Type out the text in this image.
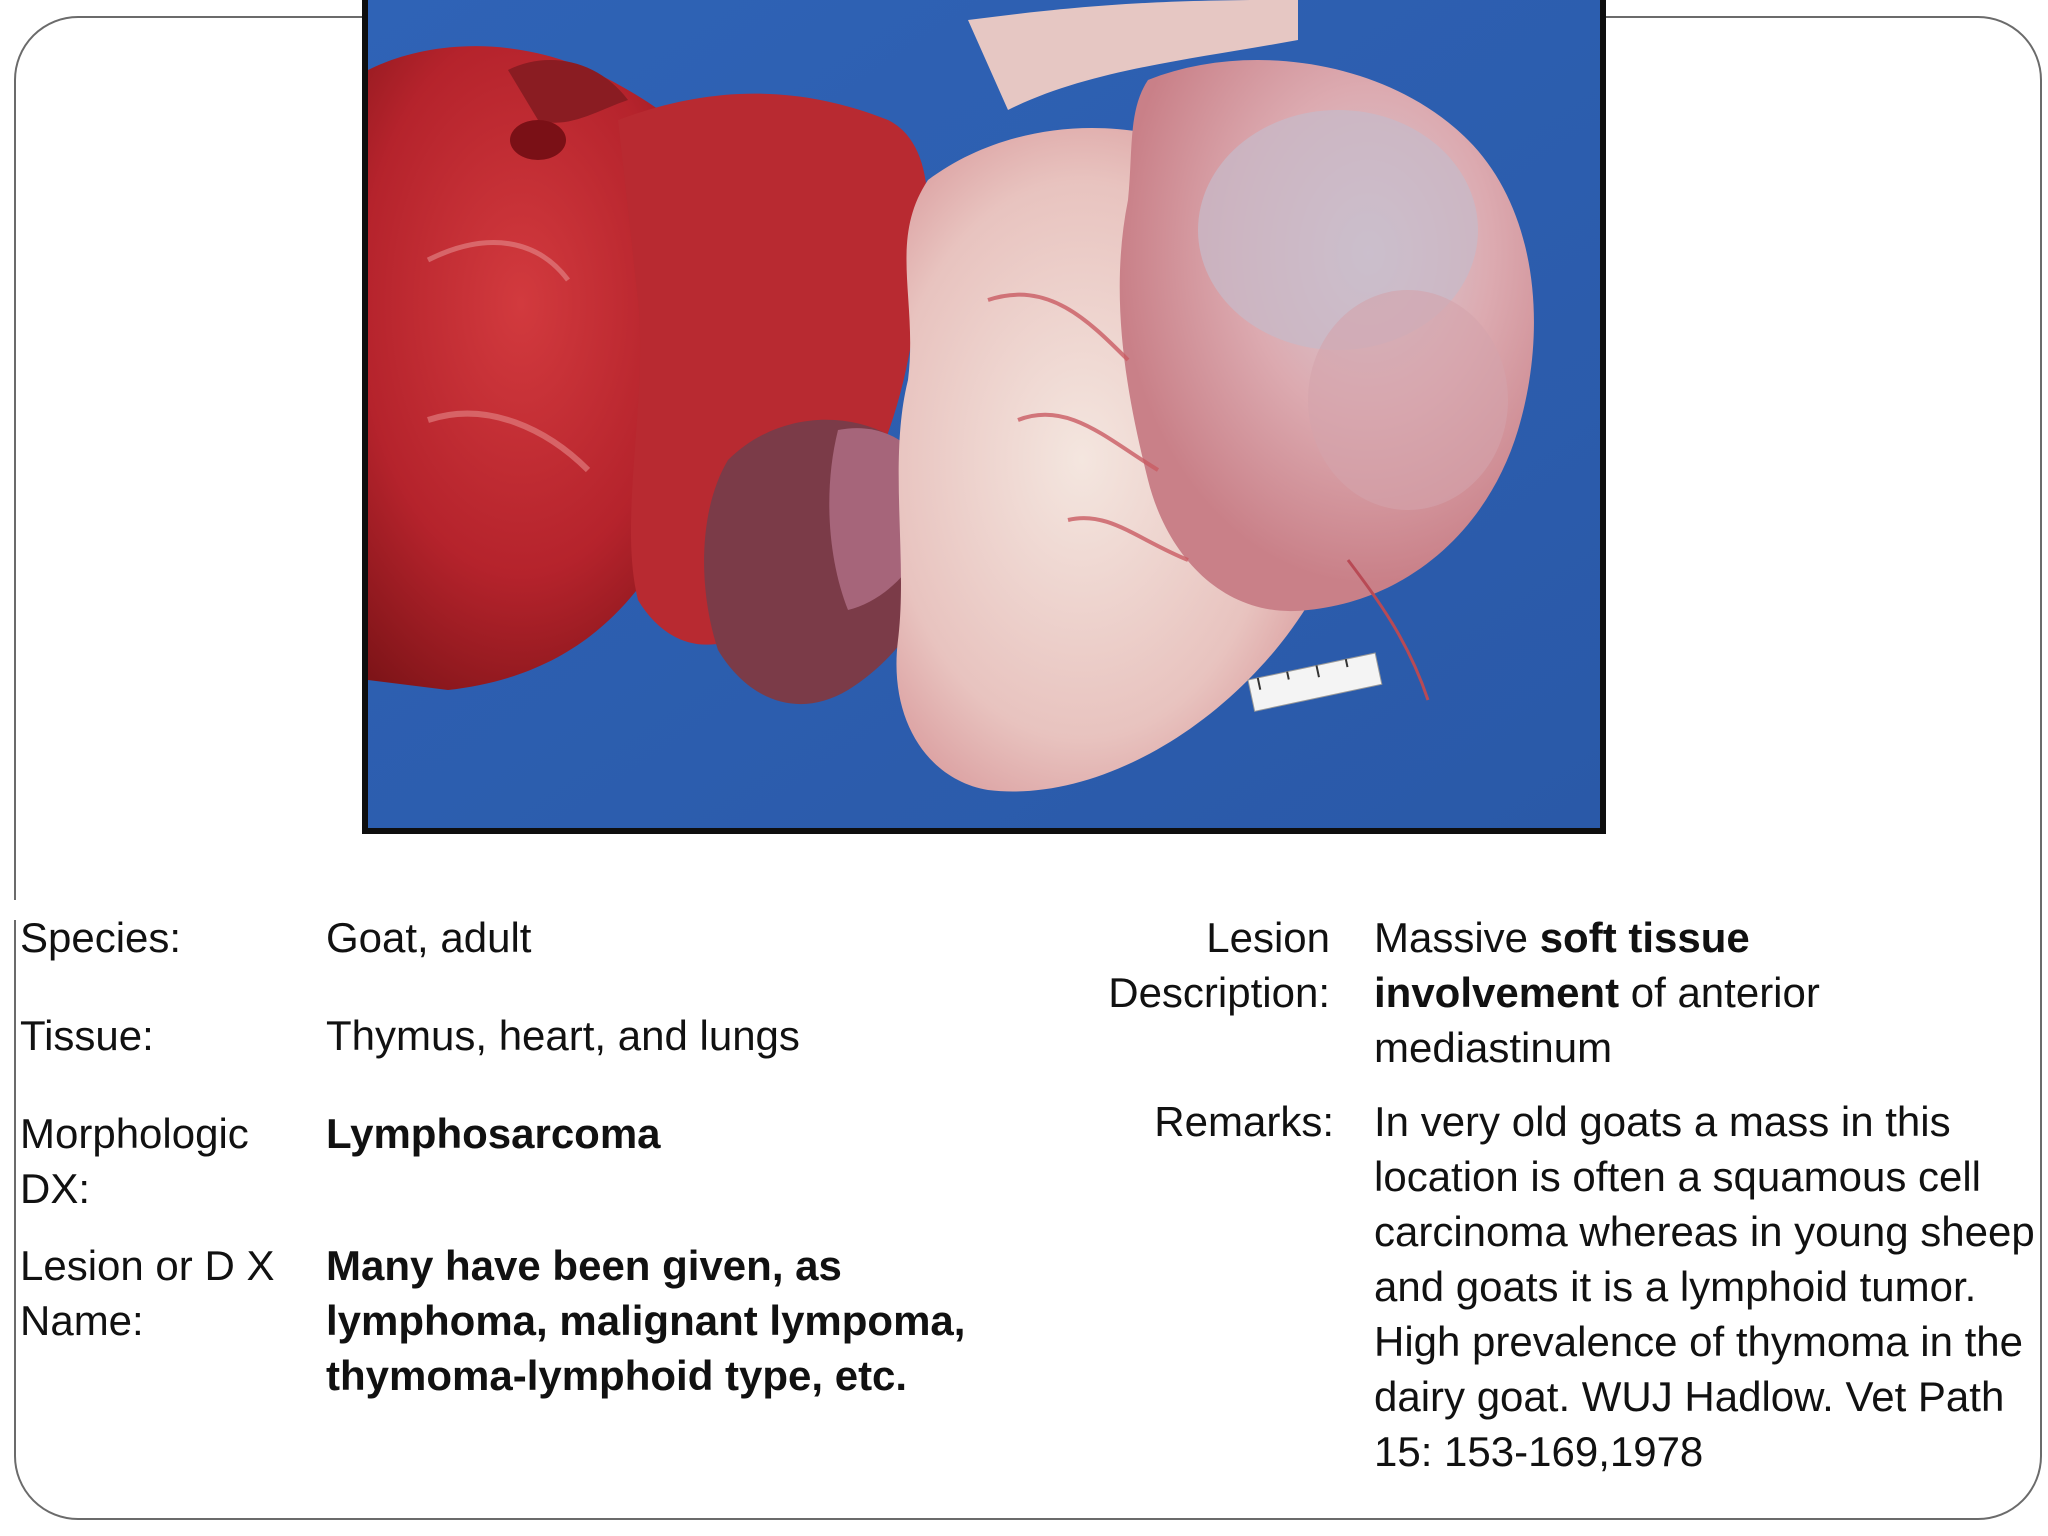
Species:	Goat, adult
Tissue:	Thymus, heart, and lungs
Morphologic DX:
Lymphosarcoma
Lesion or D X Name:
Many have been given, as lymphoma, malignant lympoma, thymoma-lymphoid type, etc.
Lesion Description:
Massive soft tissue involvement of anterior mediastinum
Remarks: In very old goats a mass in this location is often a squamous cell carcinoma whereas in young sheep and goats it is a lymphoid tumor. High prevalence of thymoma in the dairy goat. WUJ Hadlow. Vet Path 15: 153-169,1978
